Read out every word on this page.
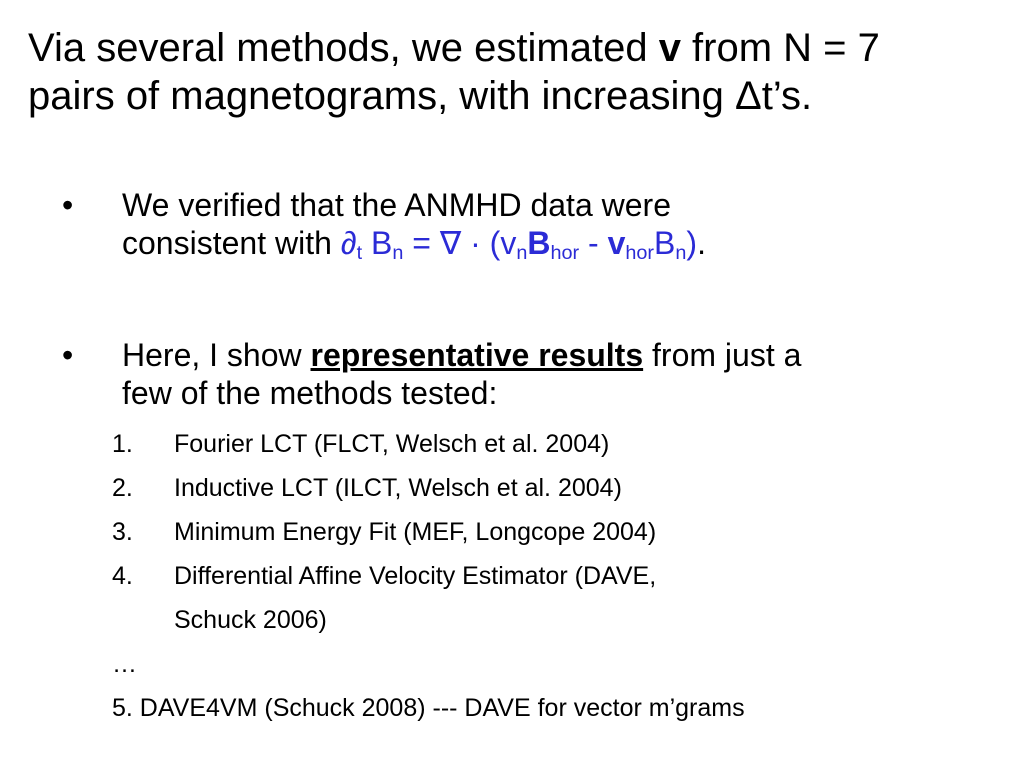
Via several methods, we estimated v from N = 7
pairs of magnetograms, with increasing Δt’s.
• We verified that the ANMHD data were
consistent with $\partial_t$ $B_n$ = ∇ · $(v_nB_{hor} - v_{hor}B_n)$.
• Here, I show representative results from just a
few of the methods tested:
1. Fourier LCT (FLCT, Welsch et al. 2004)
2. Inductive LCT (ILCT, Welsch et al. 2004)
3. Minimum Energy Fit (MEF, Longcope 2004)
4. Differential Affine Velocity Estimator (DAVE,
Schuck 2006)
…
5. DAVE4VM (Schuck 2008) --- DAVE for vector m’grams
